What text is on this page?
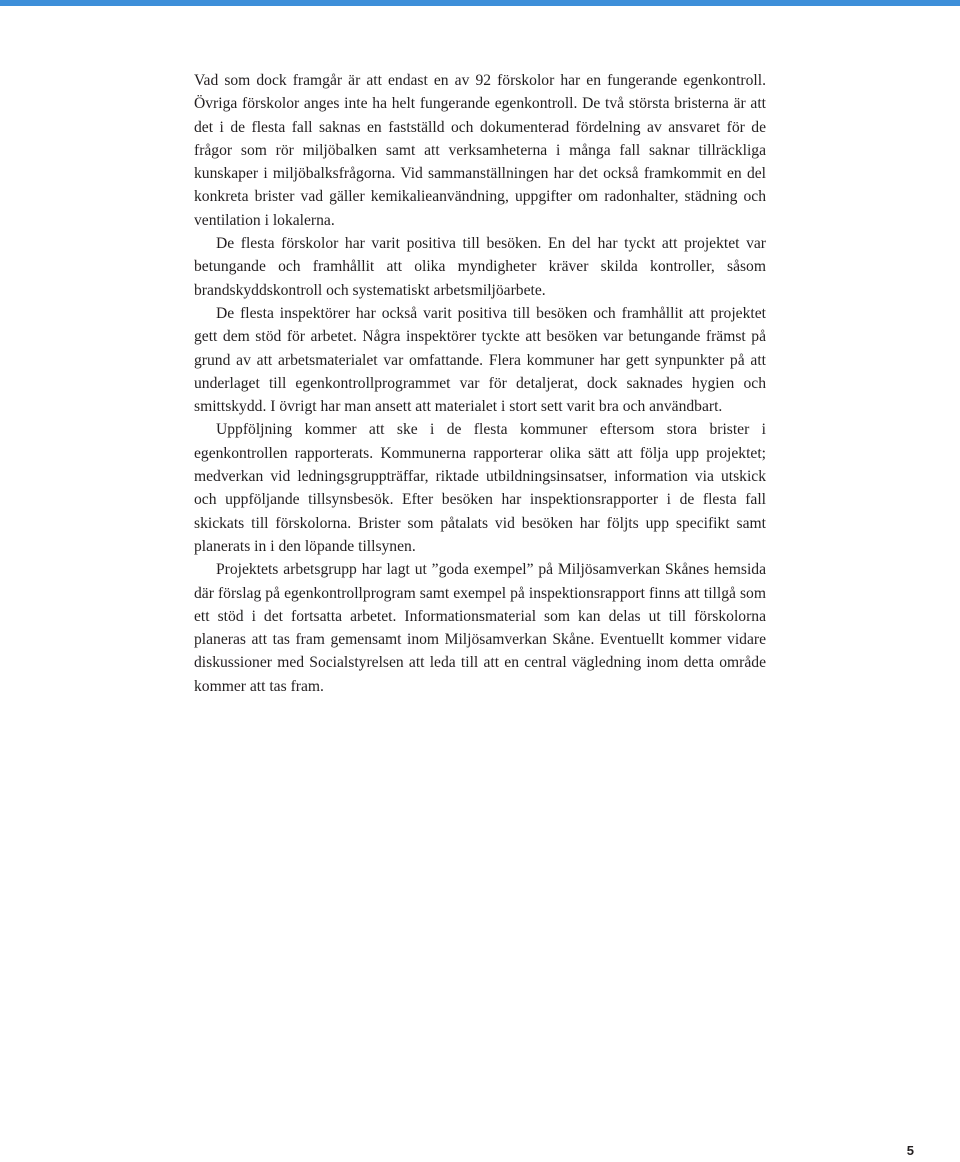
Vad som dock framgår är att endast en av 92 förskolor har en fungerande egenkontroll. Övriga förskolor anges inte ha helt fungerande egenkontroll. De två största bristerna är att det i de flesta fall saknas en fastställd och dokumenterad fördelning av ansvaret för de frågor som rör miljöbalken samt att verksamheterna i många fall saknar tillräckliga kunskaper i miljöbalksfrågorna. Vid sammanställningen har det också framkommit en del konkreta brister vad gäller kemikalieanvändning, uppgifter om radonhalter, städning och ventilation i lokalerna.

De flesta förskolor har varit positiva till besöken. En del har tyckt att projektet var betungande och framhållit att olika myndigheter kräver skilda kontroller, såsom brandskyddskontroll och systematiskt arbetsmiljöarbete.

De flesta inspektörer har också varit positiva till besöken och framhållit att projektet gett dem stöd för arbetet. Några inspektörer tyckte att besöken var betungande främst på grund av att arbetsmaterialet var omfattande. Flera kommuner har gett synpunkter på att underlaget till egenkontrollprogrammet var för detaljerat, dock saknades hygien och smittskydd. I övrigt har man ansett att materialet i stort sett varit bra och användbart.

Uppföljning kommer att ske i de flesta kommuner eftersom stora brister i egenkontrollen rapporterats. Kommunerna rapporterar olika sätt att följa upp projektet; medverkan vid ledningsgruppträffar, riktade utbildningsinsatser, information via utskick och uppföljande tillsynsbesök. Efter besöken har inspektionsrapporter i de flesta fall skickats till förskolorna. Brister som påtalats vid besöken har följts upp specifikt samt planerats in i den löpande tillsynen.

Projektets arbetsgrupp har lagt ut ”goda exempel” på Miljösamverkan Skånes hemsida där förslag på egenkontrollprogram samt exempel på inspektionsrapport finns att tillgå som ett stöd i det fortsatta arbetet. Informationsmaterial som kan delas ut till förskolorna planeras att tas fram gemensamt inom Miljösamverkan Skåne. Eventuellt kommer vidare diskussioner med Socialstyrelsen att leda till att en central vägledning inom detta område kommer att tas fram.

5
